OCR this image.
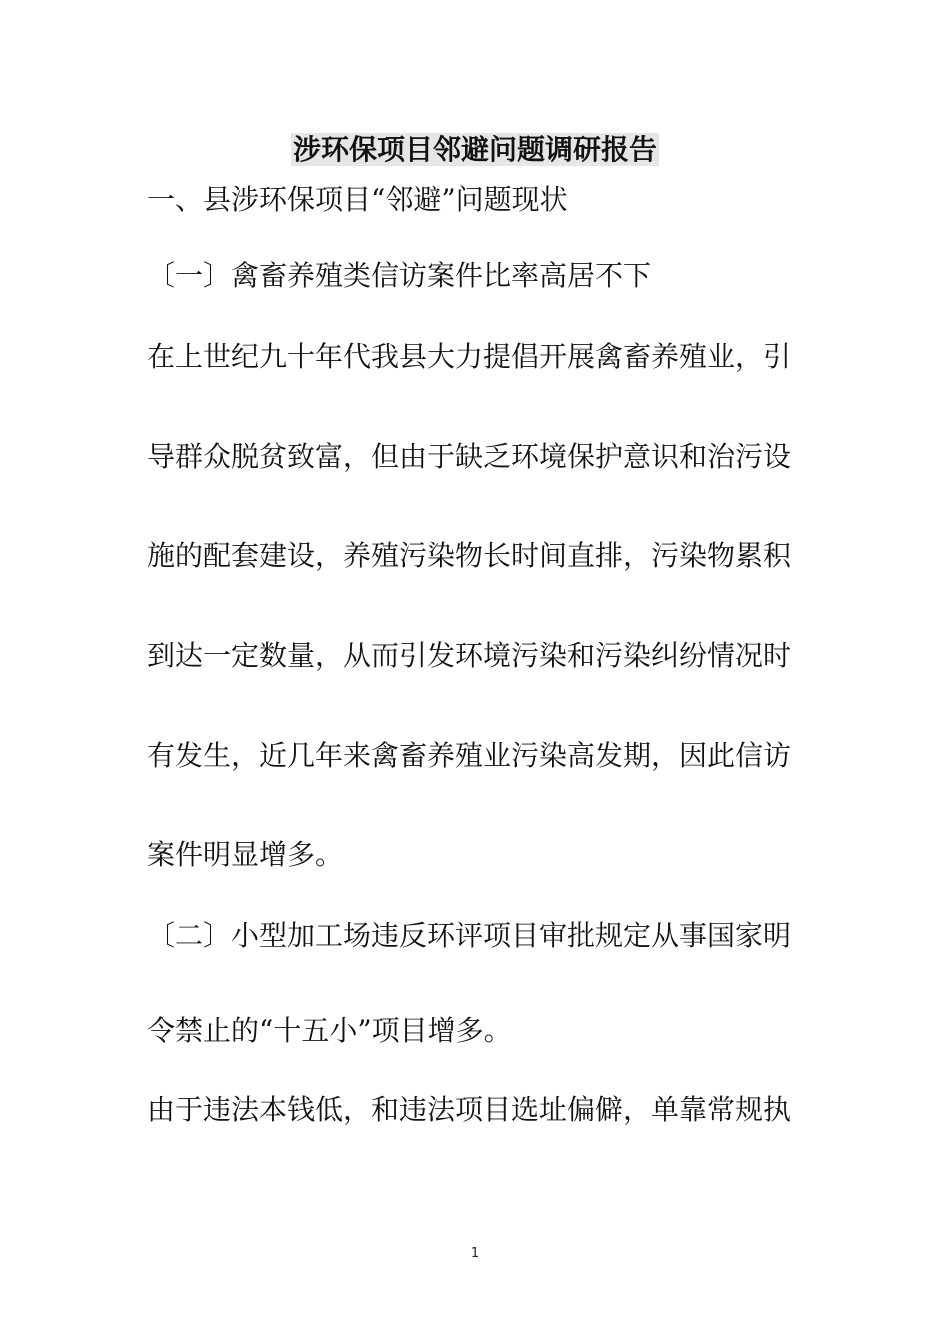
涉环保项目邻避问题调研报告
一、县涉环保项目“邻避”问题现状
〔一〕禽畜养殖类信访案件比率高居不下
在上世纪九十年代我县大力提倡开展禽畜养殖业，引
导群众脱贫致富，但由于缺乏环境保护意识和治污设
施的配套建设，养殖污染物长时间直排，污染物累积
到达一定数量，从而引发环境污染和污染纠纷情况时
有发生，近几年来禽畜养殖业污染高发期，因此信访
案件明显增多。
〔二〕小型加工场违反环评项目审批规定从事国家明
令禁止的“十五小”项目增多。
由于违法本钱低，和违法项目选址偏僻，单靠常规执
1
